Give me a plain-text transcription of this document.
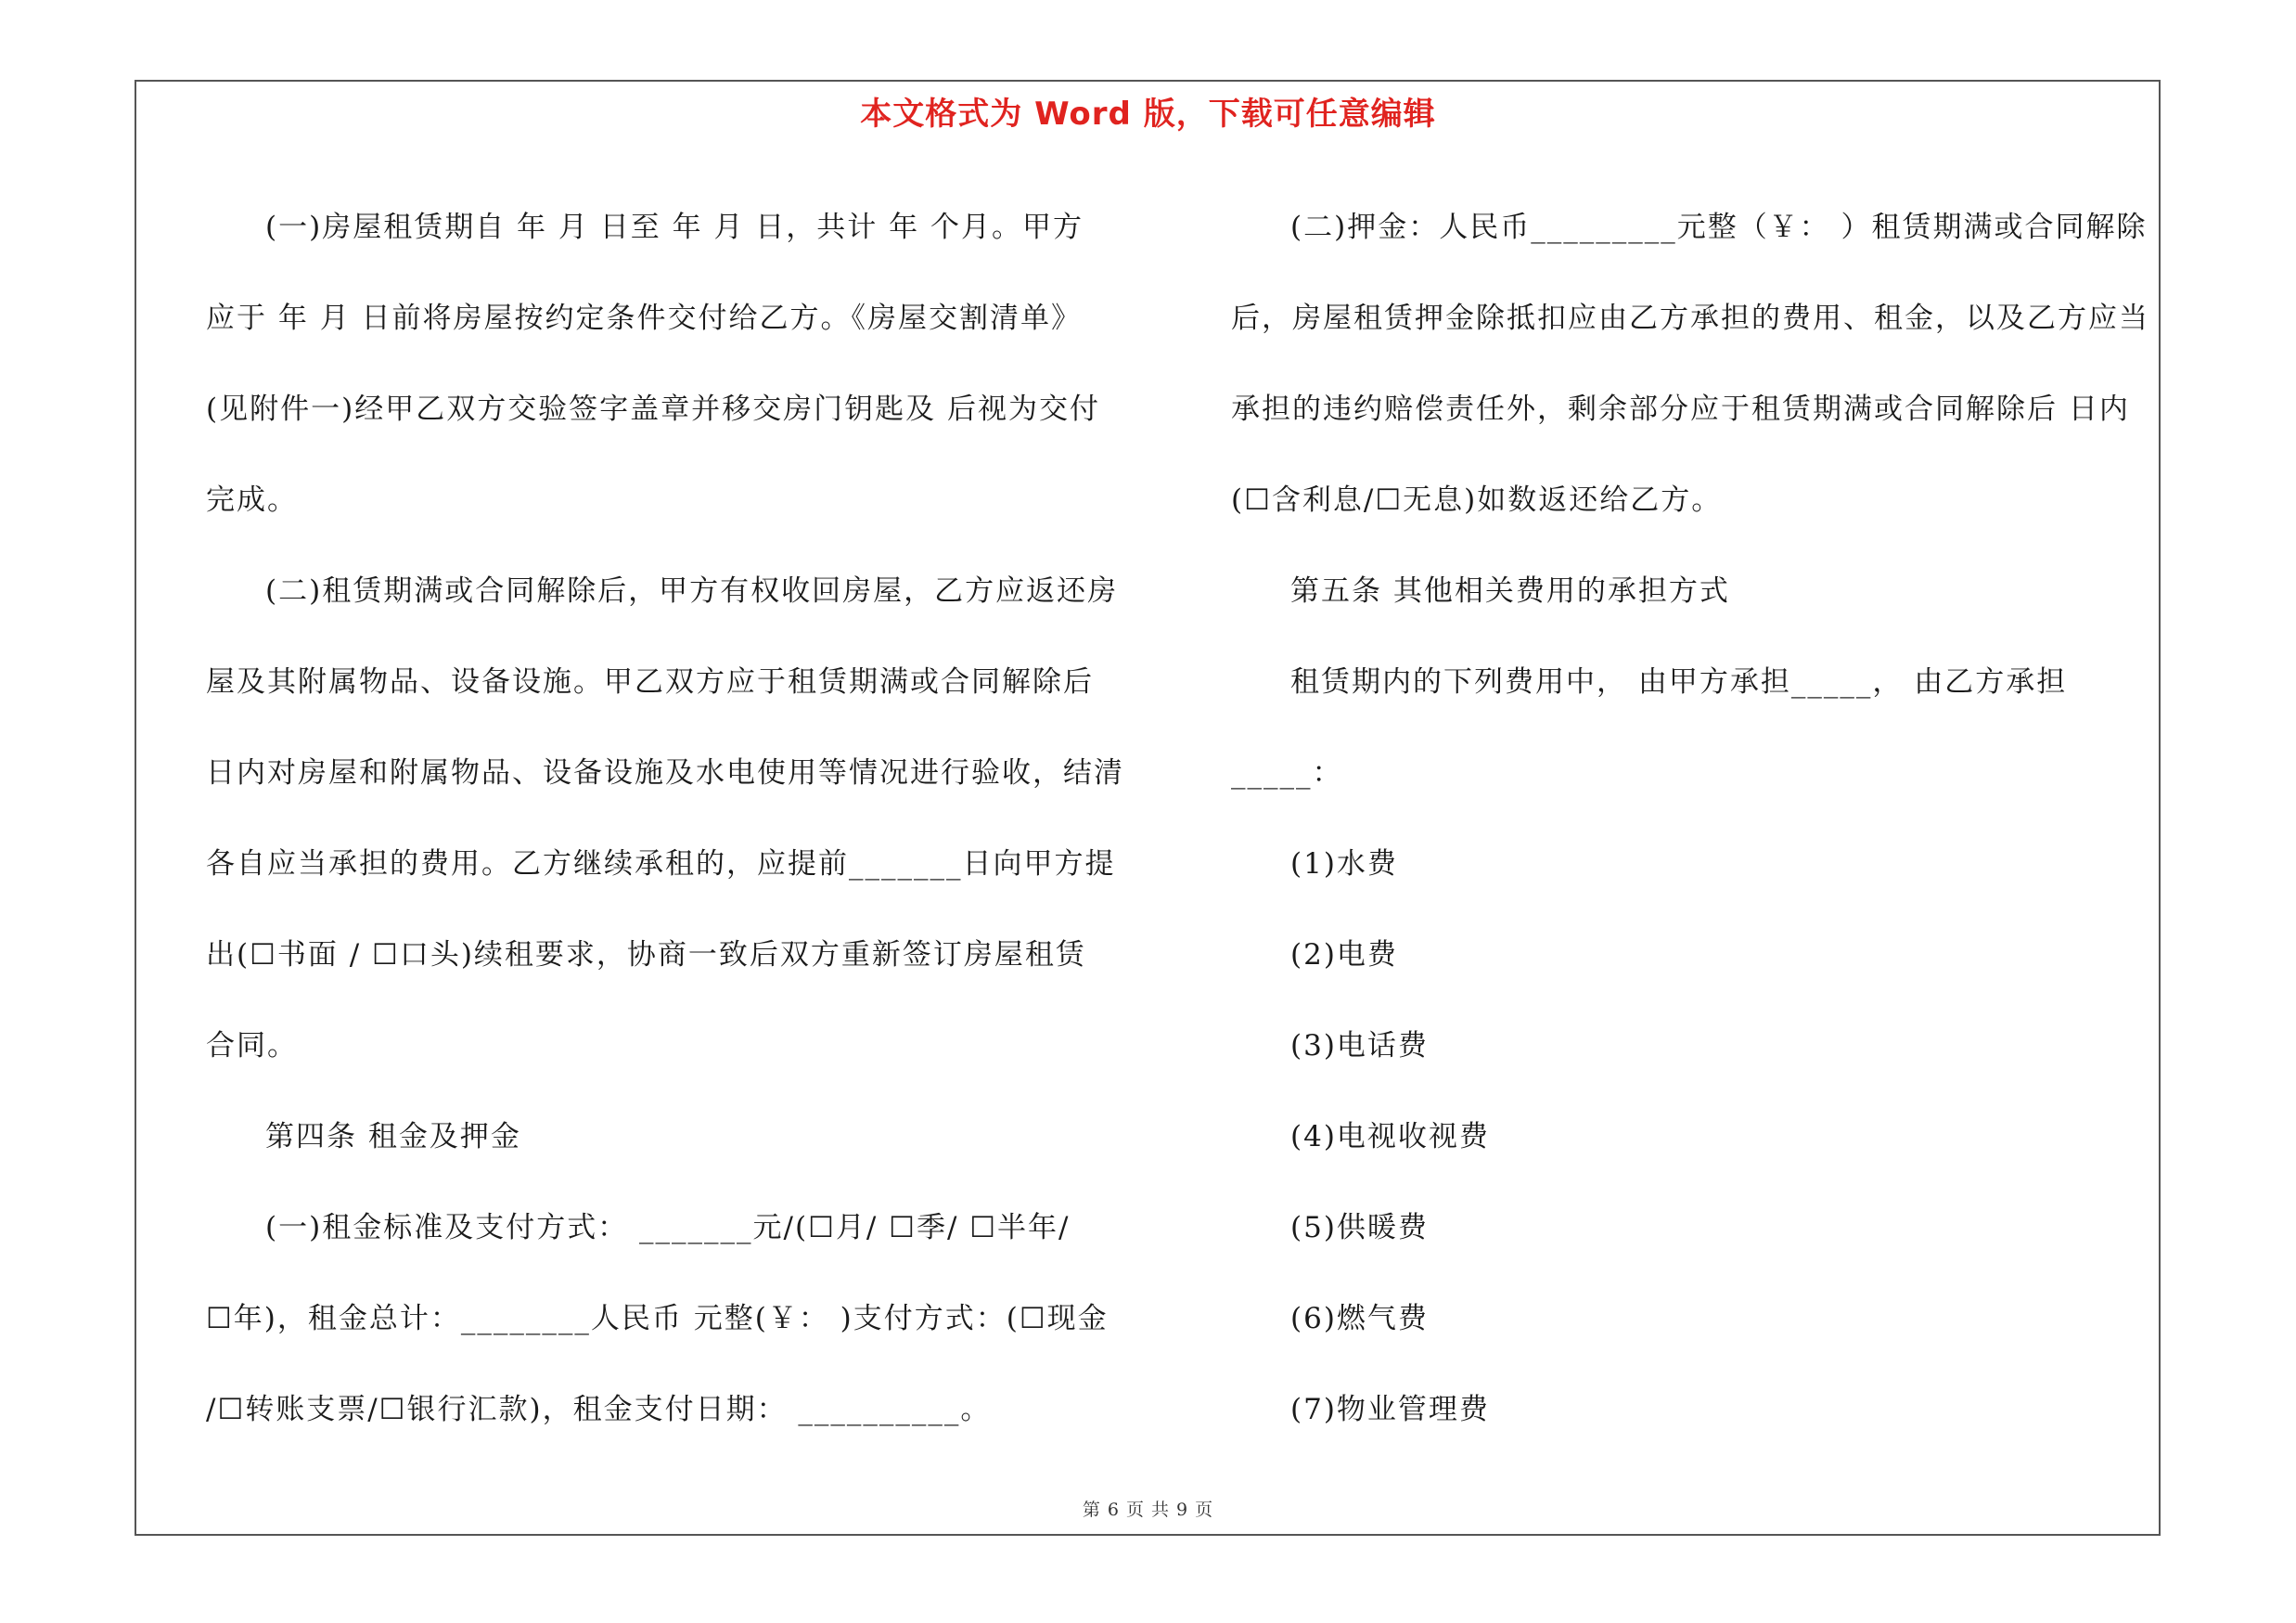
本文格式为 Word 版，下载可任意编辑

(一)房屋租赁期自 年 月 日至 年 月 日，共计 年 个月。甲方

应于 年 月 日前将房屋按约定条件交付给乙方。《房屋交割清单》

(见附件一)经甲乙双方交验签字盖章并移交房门钥匙及 后视为交付

完成。

(二)租赁期满或合同解除后，甲方有权收回房屋，乙方应返还房

屋及其附属物品、设备设施。甲乙双方应于租赁期满或合同解除后

日内对房屋和附属物品、设备设施及水电使用等情况进行验收，结清

各自应当承担的费用。乙方继续承租的，应提前_______日向甲方提

出(☐书面 / ☐口头)续租要求，协商一致后双方重新签订房屋租赁

合同。

第四条 租金及押金

(一)租金标准及支付方式： _______元/(☐月/ ☐季/ ☐半年/

☐年)，租金总计：________人民币 元整(￥： )支付方式：(☐现金

/☐转账支票/☐银行汇款)，租金支付日期： __________。

(二)押金：人民币_________元整（￥： ）租赁期满或合同解除

后，房屋租赁押金除抵扣应由乙方承担的费用、租金，以及乙方应当

承担的违约赔偿责任外，剩余部分应于租赁期满或合同解除后 日内

(☐含利息/☐无息)如数返还给乙方。

第五条 其他相关费用的承担方式

租赁期内的下列费用中， 由甲方承担_____， 由乙方承担

_____：

(1)水费

(2)电费

(3)电话费

(4)电视收视费

(5)供暖费

(6)燃气费

(7)物业管理费

第 6 页 共 9 页
